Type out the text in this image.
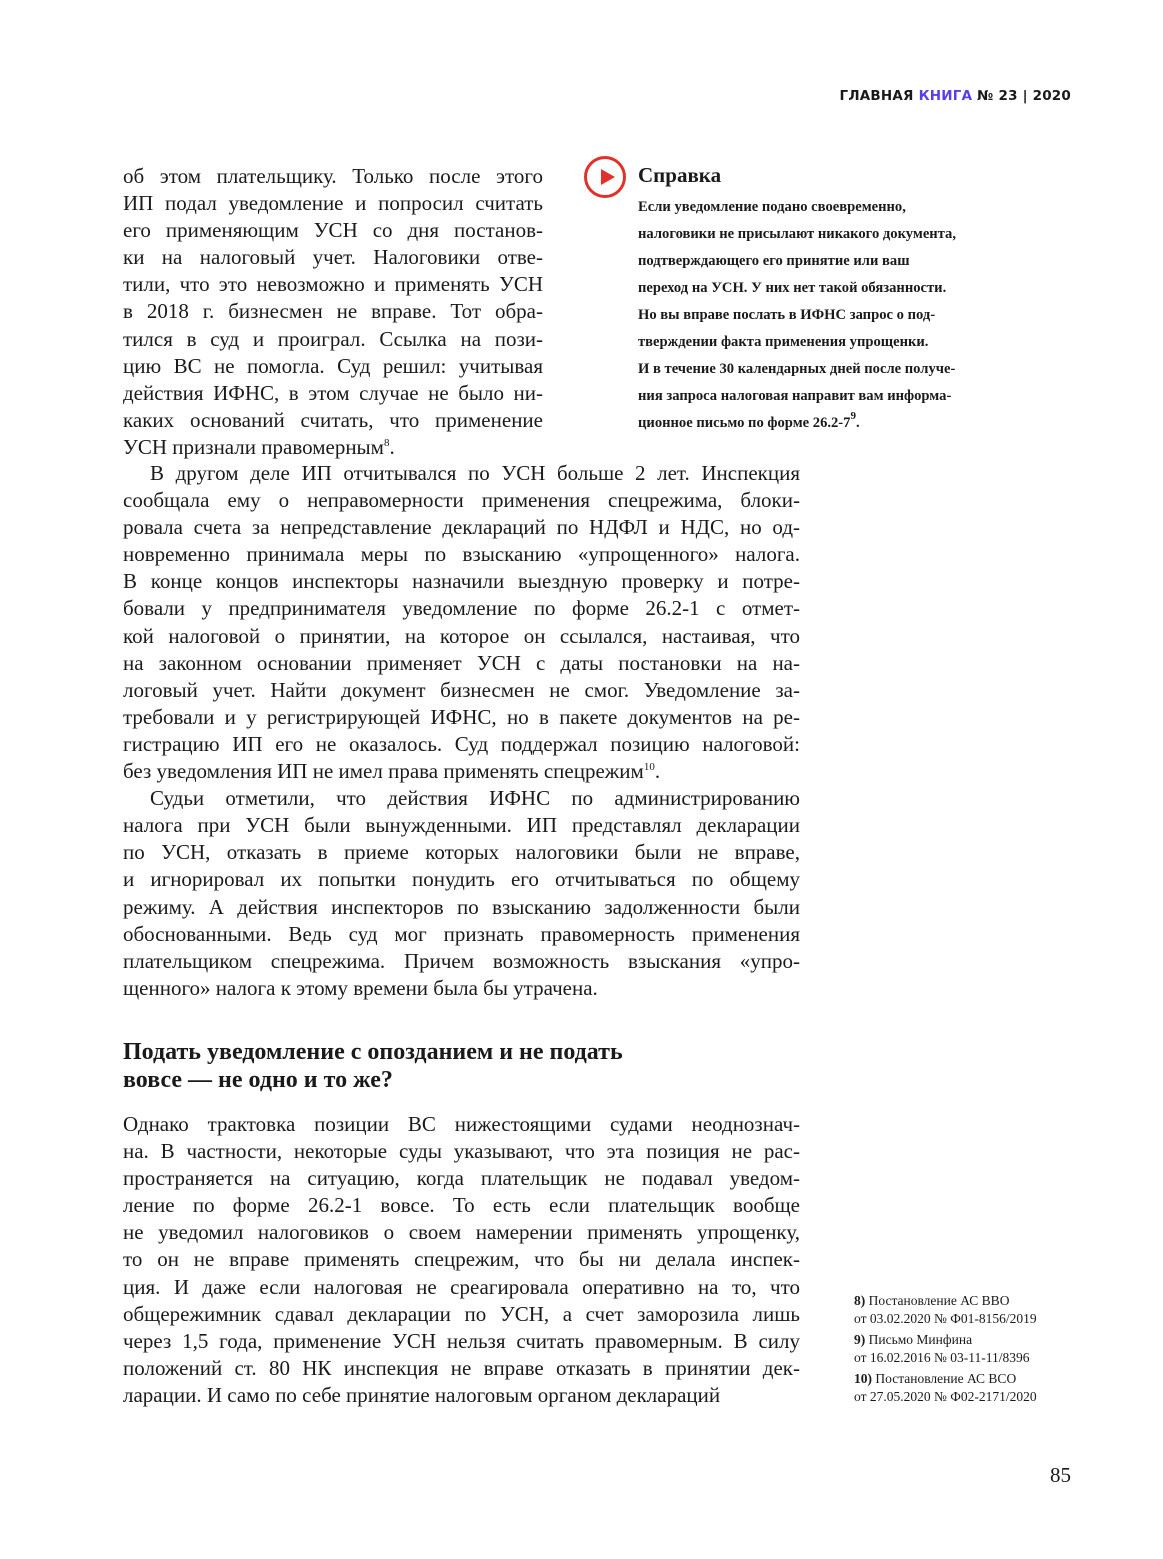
ГЛАВНАЯ КНИГА № 23 | 2020
об этом плательщику. Только после этого
ИП подал уведомление и попросил считать
его применяющим УСН со дня постанов-
ки на налоговый учет. Налоговики отве-
тили, что это невозможно и применять УСН
в 2018 г. бизнесмен не вправе. Тот обра-
тился в суд и проиграл. Ссылка на пози-
цию ВС не помогла. Суд решил: учитывая
действия ИФНС, в этом случае не было ни-
каких оснований считать, что применение
УСН признали правомерным$^8$.
Справка
Если уведомление подано своевременно,
налоговики не присылают никакого документа,
подтверждающего его принятие или ваш
переход на УСН. У них нет такой обязанности.
Но вы вправе послать в ИФНС запрос о под-
тверждении факта применения упрощенки.
И в течение 30 календарных дней после получе-
ния запроса налоговая направит вам информа-
ционное письмо по форме $26.2-7^9$.
В другом деле ИП отчитывался по УСН больше 2 лет. Инспекция
сообщала ему о неправомерности применения спецрежима, блоки-
ровала счета за непредставление деклараций по НДФЛ и НДС, но од-
новременно принимала меры по взысканию «упрощенного» налога.
В конце концов инспекторы назначили выездную проверку и потре-
бовали у предпринимателя уведомление по форме 26.2-1 с отмет-
кой налоговой о принятии, на которое он ссылался, настаивая, что
на законном основании применяет УСН с даты постановки на на-
логовый учет. Найти документ бизнесмен не смог. Уведомление за-
требовали и у регистрирующей ИФНС, но в пакете документов на ре-
гистрацию ИП его не оказалось. Суд поддержал позицию налоговой:
без уведомления ИП не имел права применять спецрежим$^{10}$.
Судьи отметили, что действия ИФНС по администрированию
налога при УСН были вынужденными. ИП представлял декларации
по УСН, отказать в приеме которых налоговики были не вправе,
и игнорировал их попытки понудить его отчитываться по общему
режиму. А действия инспекторов по взысканию задолженности были
обоснованными. Ведь суд мог признать правомерность применения
плательщиком спецрежима. Причем возможность взыскания «упро-
щенного» налога к этому времени была бы утрачена.
Подать уведомление с опозданием и не подать
вовсе — не одно и то же?
Однако трактовка позиции ВС нижестоящими судами неоднознач-
на. В частности, некоторые суды указывают, что эта позиция не рас-
пространяется на ситуацию, когда плательщик не подавал уведом-
ление по форме 26.2-1 вовсе. То есть если плательщик вообще
не уведомил налоговиков о своем намерении применять упрощенку,
то он не вправе применять спецрежим, что бы ни делала инспек-
ция. И даже если налоговая не среагировала оперативно на то, что
общережимник сдавал декларации по УСН, а счет заморозила лишь
через 1,5 года, применение УСН нельзя считать правомерным. В силу
положений ст. 80 НК инспекция не вправе отказать в принятии дек-
ларации. И само по себе принятие налоговым органом деклараций
8) Постановление АС ВВО
от 03.02.2020 № Ф01-8156/2019
9) Письмо Минфина
от 16.02.2016 № 03-11-11/8396
10) Постановление АС ВСО
от 27.05.2020 № Ф02-2171/2020
85
